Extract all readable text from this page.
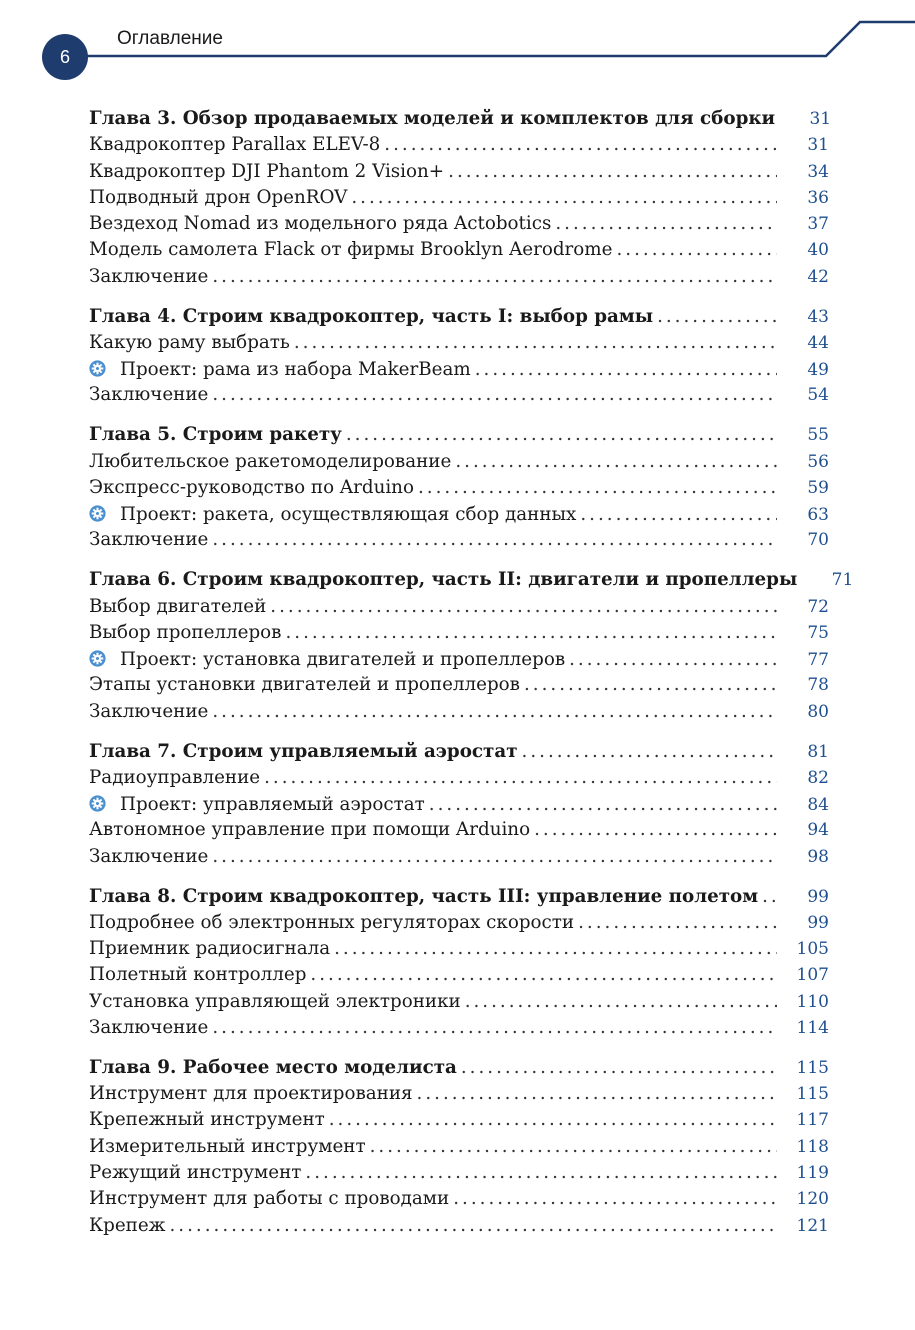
6
Оглавление
Глава 3. Обзор продаваемых моделей и комплектов для сборки	31
Квадрокоптер Parallax ELEV-8 .....	31
Квадрокоптер DJI Phantom 2 Vision+ .....	34
Подводный дрон OpenROV .....	36
Вездеход Nomad из модельного ряда Actobotics .....	37
Модель самолета Flack от фирмы Brooklyn Aerodrome .....	40
Заключение .....	42
Глава 4. Строим квадрокоптер, часть I: выбор рамы .....	43
Какую раму выбрать .....	44
Проект: рама из набора MakerBeam .....	49
Заключение .....	54
Глава 5. Строим ракету .....	55
Любительское ракетомоделирование .....	56
Экспресс-руководство по Arduino .....	59
Проект: ракета, осуществляющая сбор данных .....	63
Заключение .....	70
Глава 6. Строим квадрокоптер, часть II: двигатели и пропеллеры	71
Выбор двигателей .....	72
Выбор пропеллеров .....	75
Проект: установка двигателей и пропеллеров .....	77
Этапы установки двигателей и пропеллеров .....	78
Заключение .....	80
Глава 7. Строим управляемый аэростат .....	81
Радиоуправление .....	82
Проект: управляемый аэростат .....	84
Автономное управление при помощи Arduino .....	94
Заключение .....	98
Глава 8. Строим квадрокоптер, часть III: управление полетом .....	99
Подробнее об электронных регуляторах скорости .....	99
Приемник радиосигнала .....	105
Полетный контроллер .....	107
Установка управляющей электроники .....	110
Заключение .....	114
Глава 9. Рабочее место моделиста .....	115
Инструмент для проектирования .....	115
Крепежный инструмент .....	117
Измерительный инструмент .....	118
Режущий инструмент .....	119
Инструмент для работы с проводами .....	120
Крепеж .....	121
